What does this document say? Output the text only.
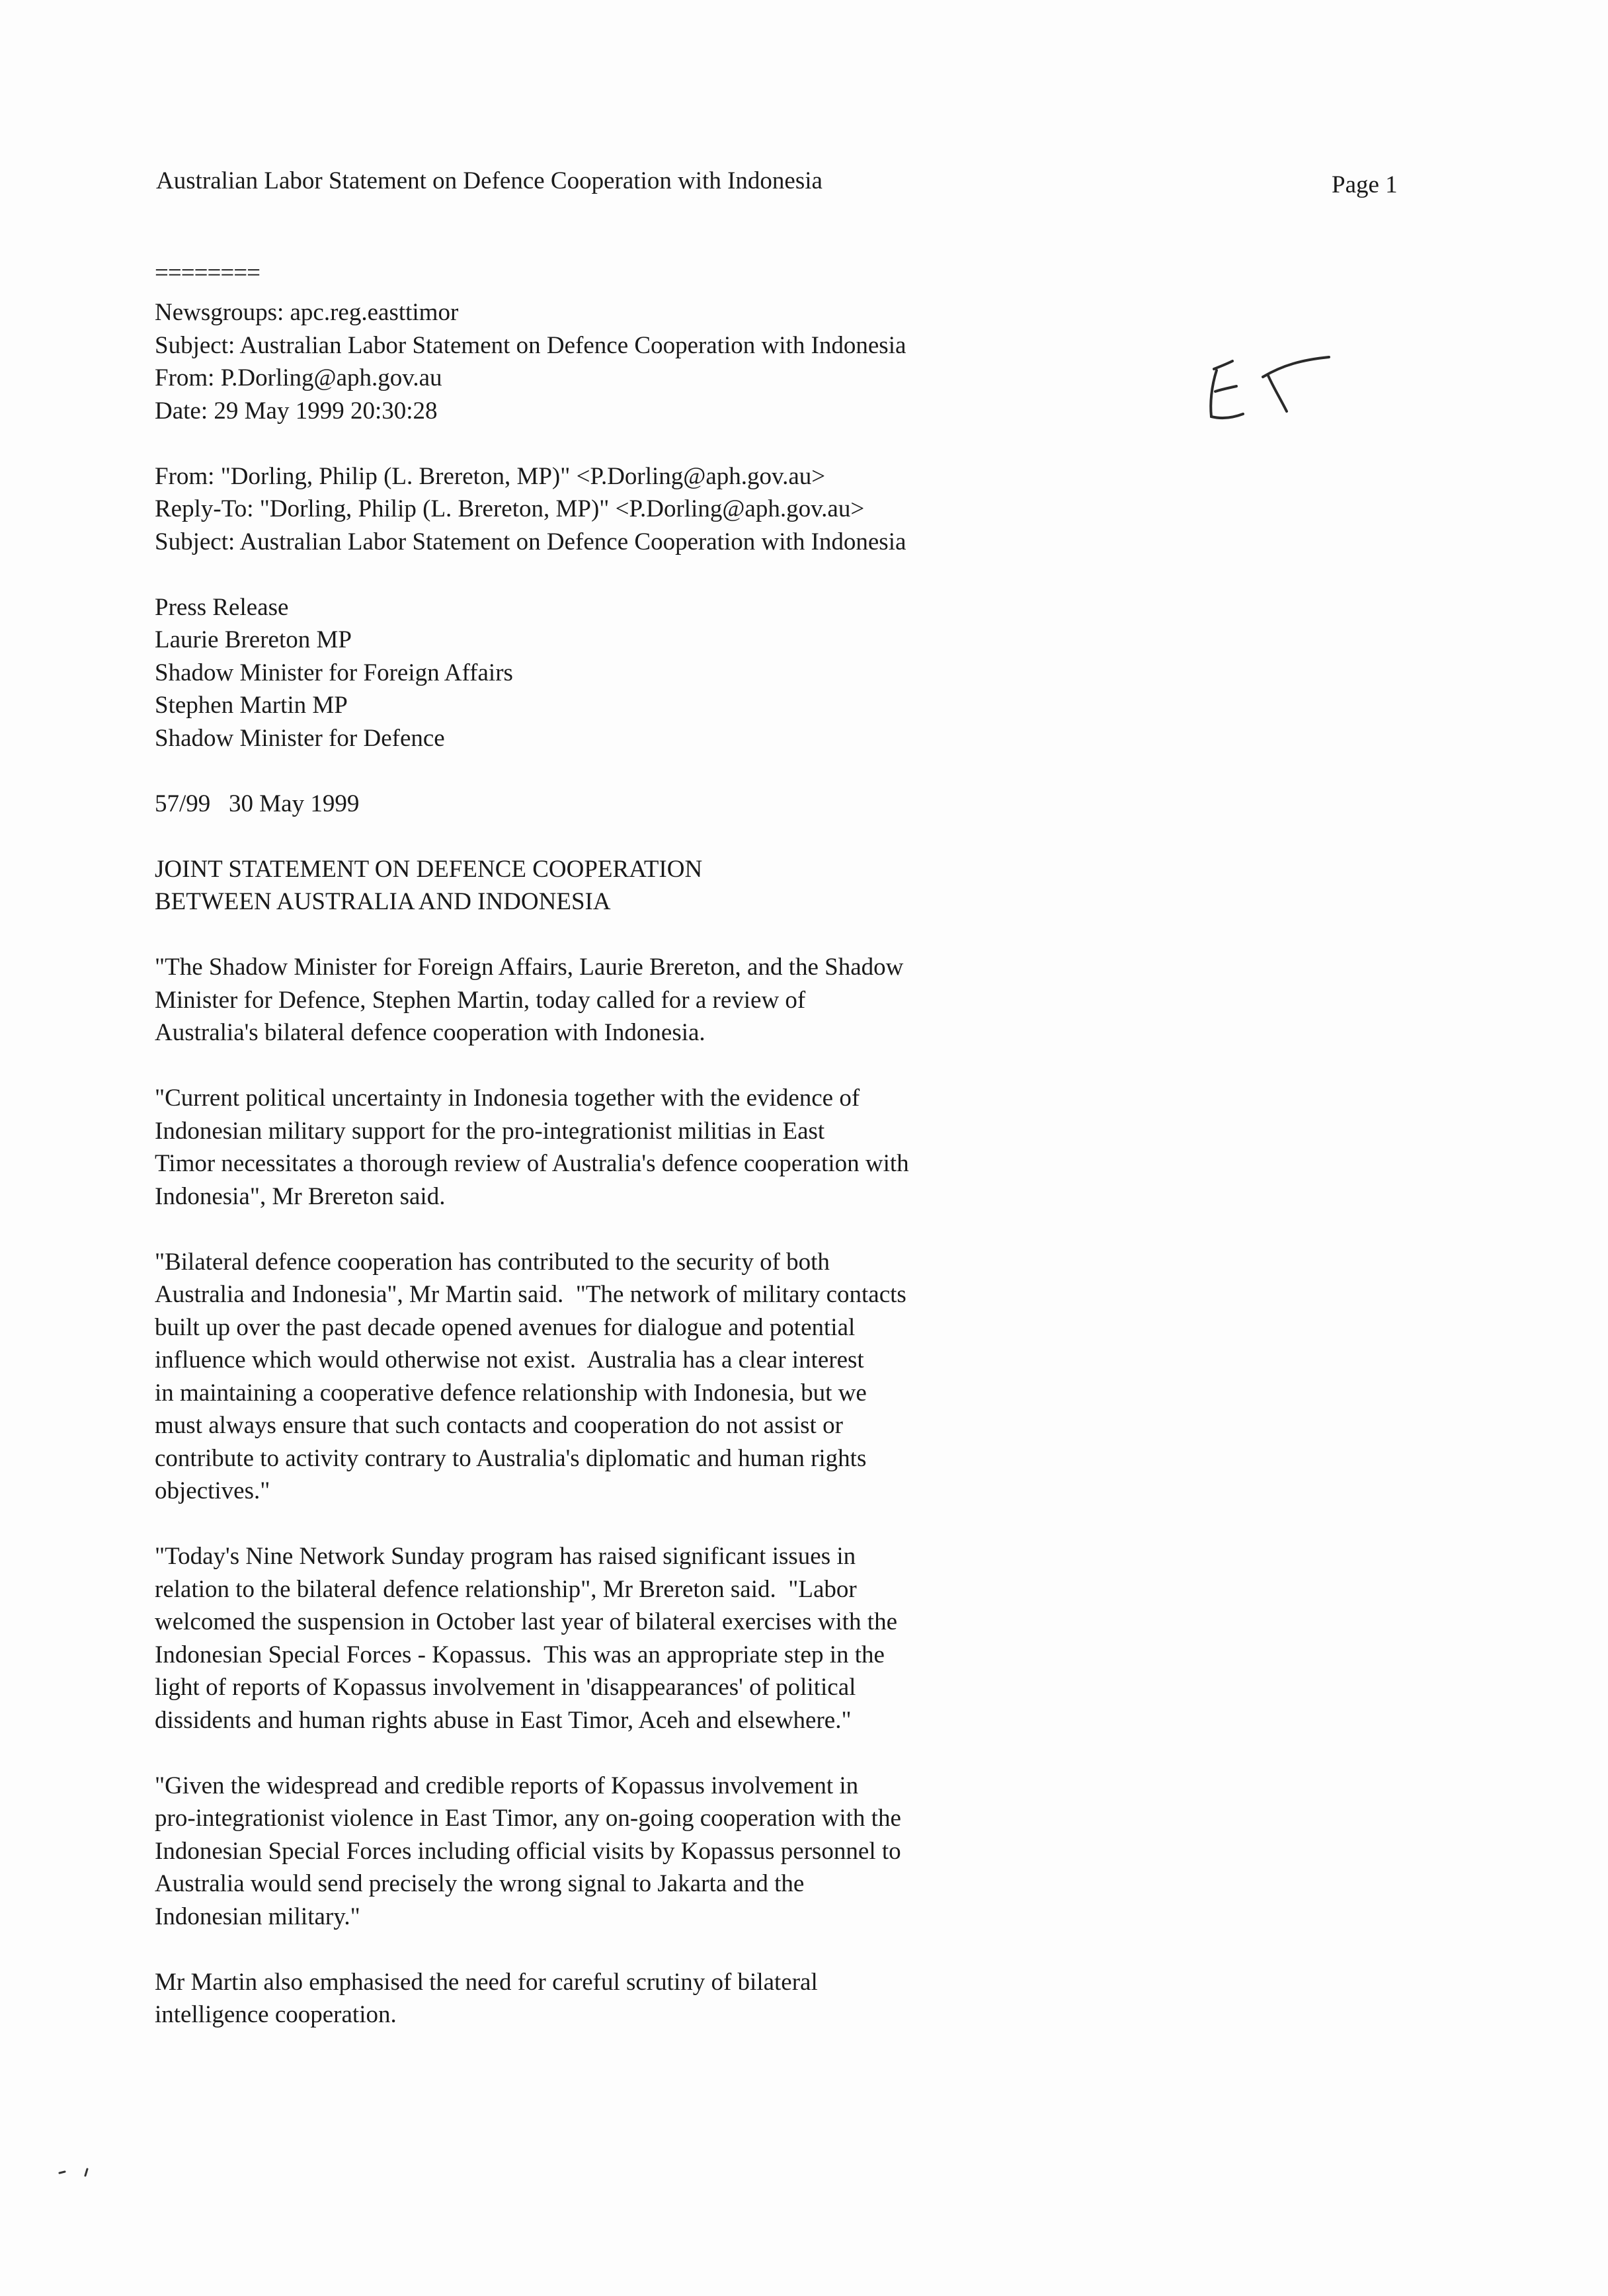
Australian Labor Statement on Defence Cooperation with Indonesia	Page 1
========
Newsgroups: apc.reg.easttimor
Subject: Australian Labor Statement on Defence Cooperation with Indonesia
From: P.Dorling@aph.gov.au
Date: 29 May 1999 20:30:28
From: "Dorling, Philip (L. Brereton, MP)" <P.Dorling@aph.gov.au>
Reply-To: "Dorling, Philip (L. Brereton, MP)" <P.Dorling@aph.gov.au>
Subject: Australian Labor Statement on Defence Cooperation with Indonesia
Press Release
Laurie Brereton MP
Shadow Minister for Foreign Affairs
Stephen Martin MP
Shadow Minister for Defence
57/99   30 May 1999
JOINT STATEMENT ON DEFENCE COOPERATION
BETWEEN AUSTRALIA AND INDONESIA
"The Shadow Minister for Foreign Affairs, Laurie Brereton, and the Shadow
Minister for Defence, Stephen Martin, today called for a review of
Australia's bilateral defence cooperation with Indonesia.
"Current political uncertainty in Indonesia together with the evidence of
Indonesian military support for the pro-integrationist militias in East
Timor necessitates a thorough review of Australia's defence cooperation with
Indonesia", Mr Brereton said.
"Bilateral defence cooperation has contributed to the security of both
Australia and Indonesia", Mr Martin said.  "The network of military contacts
built up over the past decade opened avenues for dialogue and potential
influence which would otherwise not exist.  Australia has a clear interest
in maintaining a cooperative defence relationship with Indonesia, but we
must always ensure that such contacts and cooperation do not assist or
contribute to activity contrary to Australia's diplomatic and human rights
objectives."
"Today's Nine Network Sunday program has raised significant issues in
relation to the bilateral defence relationship", Mr Brereton said.  "Labor
welcomed the suspension in October last year of bilateral exercises with the
Indonesian Special Forces - Kopassus.  This was an appropriate step in the
light of reports of Kopassus involvement in 'disappearances' of political
dissidents and human rights abuse in East Timor, Aceh and elsewhere."
"Given the widespread and credible reports of Kopassus involvement in
pro-integrationist violence in East Timor, any on-going cooperation with the
Indonesian Special Forces including official visits by Kopassus personnel to
Australia would send precisely the wrong signal to Jakarta and the
Indonesian military."
Mr Martin also emphasised the need for careful scrutiny of bilateral
intelligence cooperation.
